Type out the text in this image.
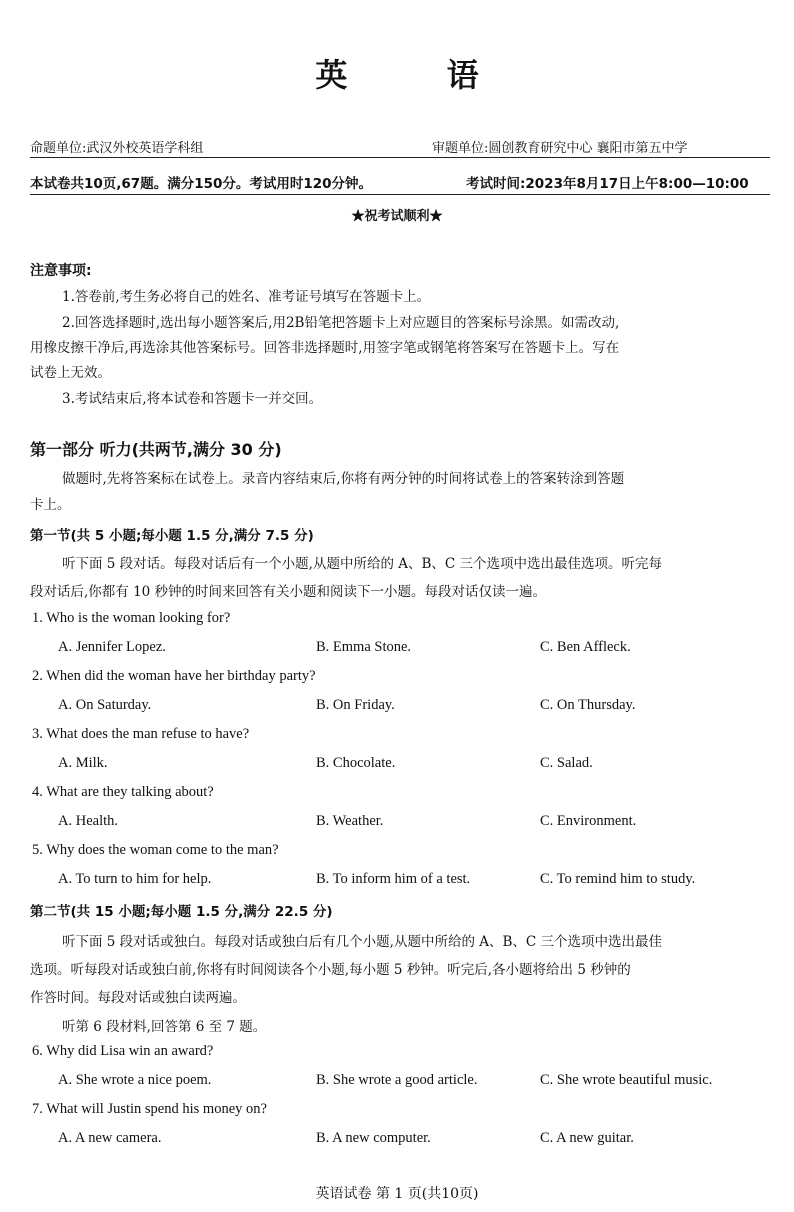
英 语
命题单位:武汉外校英语学科组	审题单位:圆创教育研究中心 襄阳市第五中学
本试卷共10页,67题。满分150分。考试用时120分钟。	考试时间:2023年8月17日上午8:00—10:00
★祝考试顺利★
注意事项:
1.答卷前,考生务必将自己的姓名、准考证号填写在答题卡上。
2.回答选择题时,选出每小题答案后,用2B铅笔把答题卡上对应题目的答案标号涂黑。如需改动,
用橡皮擦干净后,再选涂其他答案标号。回答非选择题时,用签字笔或钢笔将答案写在答题卡上。写在
试卷上无效。
3.考试结束后,将本试卷和答题卡一并交回。
第一部分 听力(共两节,满分 30 分)
做题时,先将答案标在试卷上。录音内容结束后,你将有两分钟的时间将试卷上的答案转涂到答题
卡上。
第一节(共 5 小题;每小题 1.5 分,满分 7.5 分)
听下面 5 段对话。每段对话后有一个小题,从题中所给的 A、B、C 三个选项中选出最佳选项。听完每
段对话后,你都有 10 秒钟的时间来回答有关小题和阅读下一小题。每段对话仅读一遍。
1. Who is the woman looking for?
A. Jennifer Lopez.	B. Emma Stone.	C. Ben Affleck.
2. When did the woman have her birthday party?
A. On Saturday.	B. On Friday.	C. On Thursday.
3. What does the man refuse to have?
A. Milk.	B. Chocolate.	C. Salad.
4. What are they talking about?
A. Health.	B. Weather.	C. Environment.
5. Why does the woman come to the man?
A. To turn to him for help.	B. To inform him of a test.	C. To remind him to study.
第二节(共 15 小题;每小题 1.5 分,满分 22.5 分)
听下面 5 段对话或独白。每段对话或独白后有几个小题,从题中所给的 A、B、C 三个选项中选出最佳
选项。听每段对话或独白前,你将有时间阅读各个小题,每小题 5 秒钟。听完后,各小题将给出 5 秒钟的
作答时间。每段对话或独白读两遍。
听第 6 段材料,回答第 6 至 7 题。
6. Why did Lisa win an award?
A. She wrote a nice poem.	B. She wrote a good article.	C. She wrote beautiful music.
7. What will Justin spend his money on?
A. A new camera.	B. A new computer.	C. A new guitar.
英语试卷 第 1 页(共10页)
